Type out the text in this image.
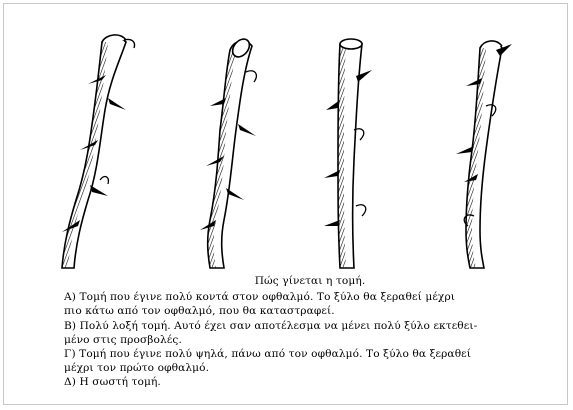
Πώς γίνεται η τομή.

Α) Τομή που έγινε πολύ κοντά στον οφθαλμό. Το ξύλο θα ξεραθεί μέχρι

πιο κάτω από τον οφθαλμό, που θα καταστραφεί.

Β) Πολύ λοξή τομή. Αυτό έχει σαν αποτέλεσμα να μένει πολύ ξύλο εκτεθει-

μένο στις προσβολές.

Γ) Τομή που έγινε πολύ ψηλά, πάνω από τον οφθαλμό. Το ξύλο θα ξεραθεί

μέχρι τον πρώτο οφθαλμό.

Δ) Η σωστή τομή.
